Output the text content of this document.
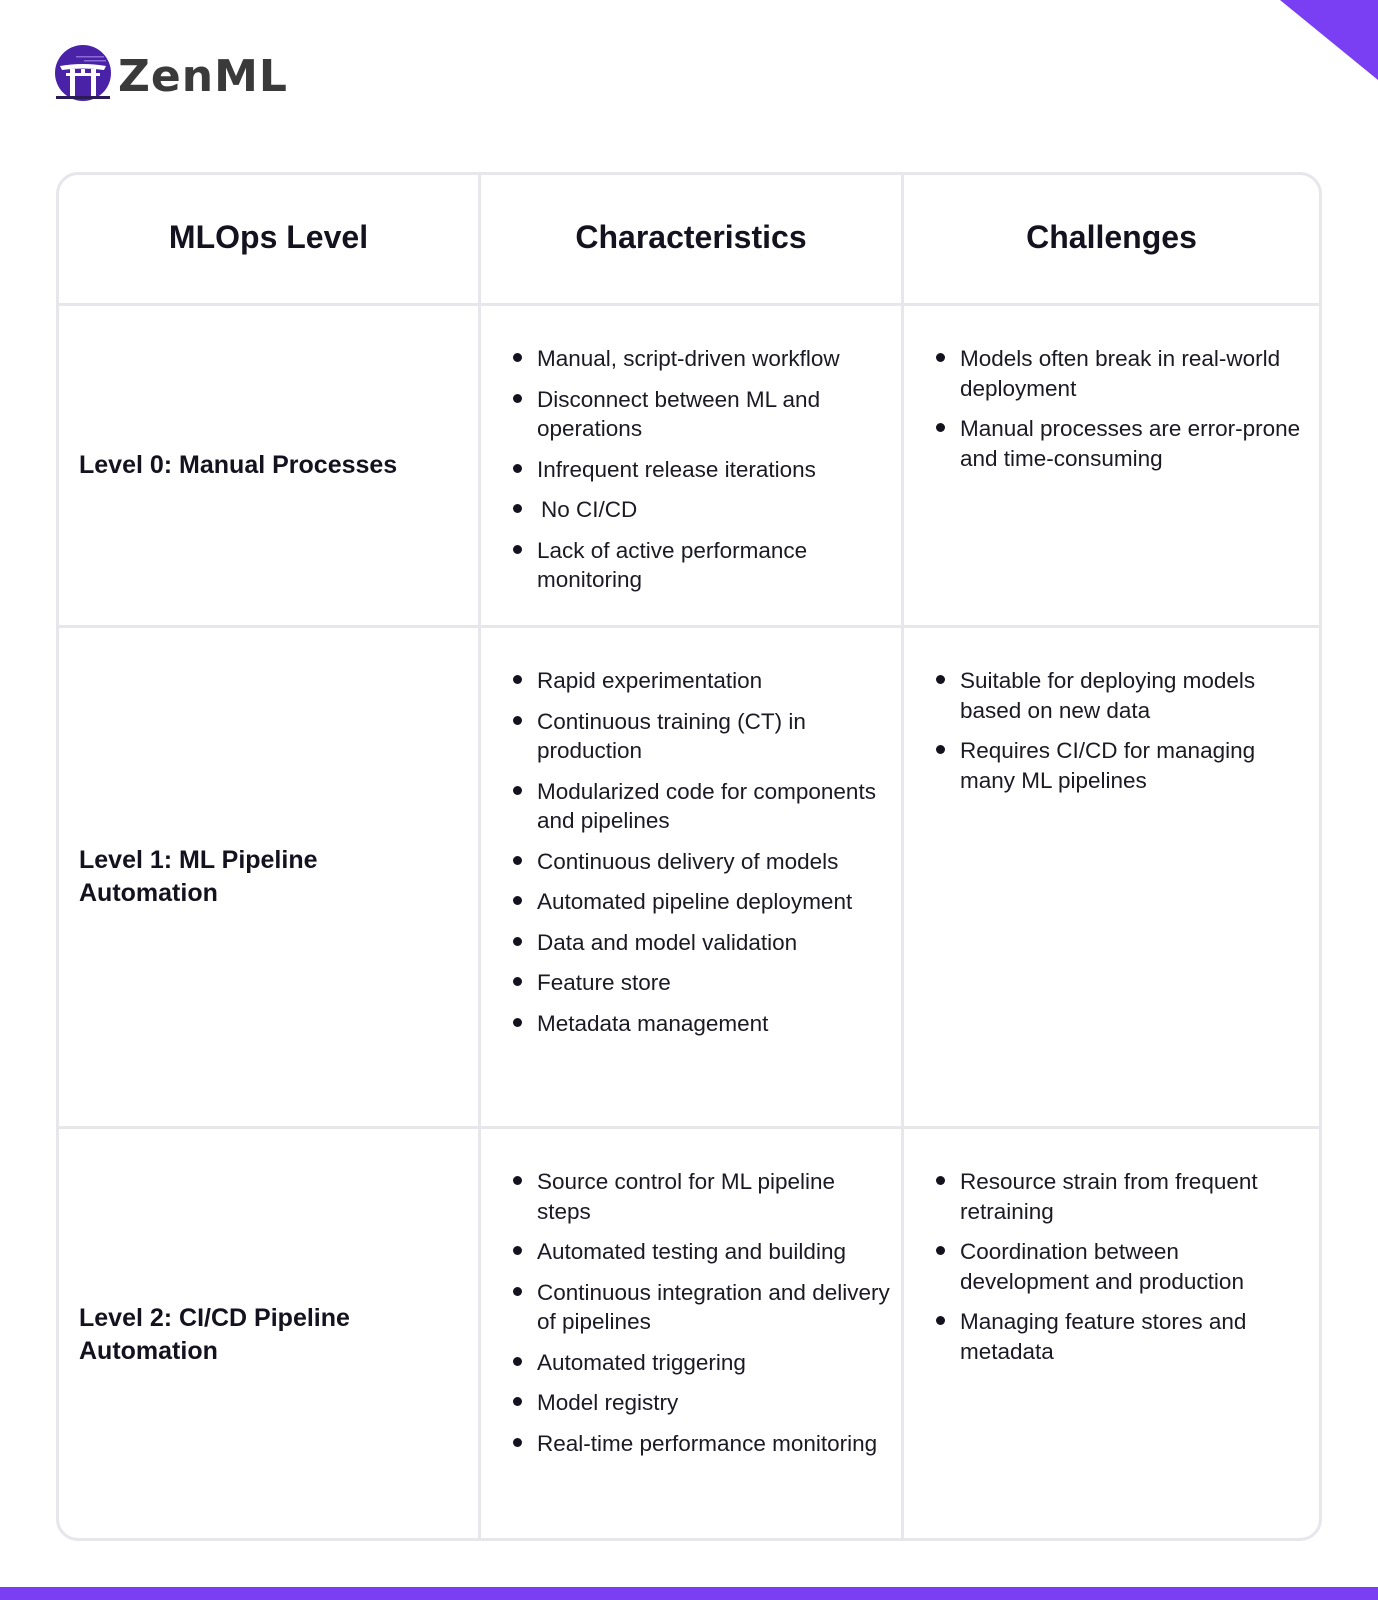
ZenML
MLOps Level	Characteristics	Challenges
Level 0: Manual Processes
Manual, script-driven workflow
Disconnect between ML and operations
Infrequent release iterations
No CI/CD
Lack of active performance monitoring
Models often break in real-world deployment
Manual processes are error-prone and time-consuming
Level 1: ML Pipeline Automation
Rapid experimentation
Continuous training (CT) in production
Modularized code for components and pipelines
Continuous delivery of models
Automated pipeline deployment
Data and model validation
Feature store
Metadata management
Suitable for deploying models based on new data
Requires CI/CD for managing many ML pipelines
Level 2: CI/CD Pipeline Automation
Source control for ML pipeline steps
Automated testing and building
Continuous integration and delivery of pipelines
Automated triggering
Model registry
Real-time performance monitoring
Resource strain from frequent retraining
Coordination between development and production
Managing feature stores and metadata
